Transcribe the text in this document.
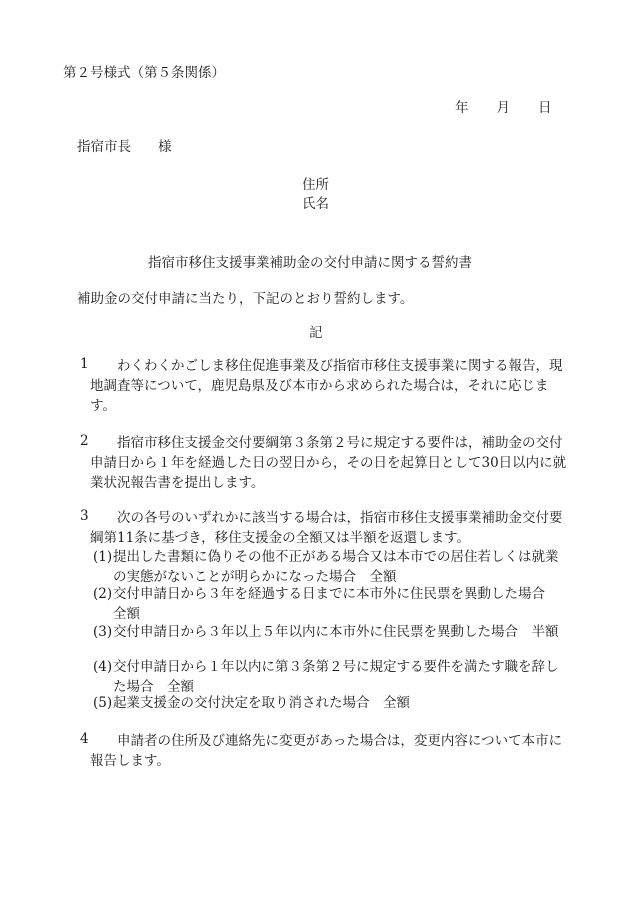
第２号様式（第５条関係）
年 月 日
指宿市長　　様
住所
氏名
指宿市移住支援事業補助金の交付申請に関する誓約書
補助金の交付申請に当たり，下記のとおり誓約します。
記
1	わくわくかごしま移住促進事業及び指宿市移住支援事業に関する報告，現地調査等について，鹿児島県及び本市から求められた場合は，それに応じます。
2	指宿市移住支援金交付要綱第３条第２号に規定する要件は，補助金の交付申請日から１年を経過した日の翌日から，その日を起算日として30日以内に就業状況報告書を提出します。
3	次の各号のいずれかに該当する場合は，指宿市移住支援事業補助金交付要綱第11条に基づき，移住支援金の全額又は半額を返還します。
(1) 提出した書類に偽りその他不正がある場合又は本市での居住若しくは就業の実態がないことが明らかになった場合　全額
(2) 交付申請日から３年を経過する日までに本市外に住民票を異動した場合　全額
(3) 交付申請日から３年以上５年以内に本市外に住民票を異動した場合　半額
(4) 交付申請日から１年以内に第３条第２号に規定する要件を満たす職を辞した場合　全額
(5) 起業支援金の交付決定を取り消された場合　全額
4	申請者の住所及び連絡先に変更があった場合は，変更内容について本市に報告します。
